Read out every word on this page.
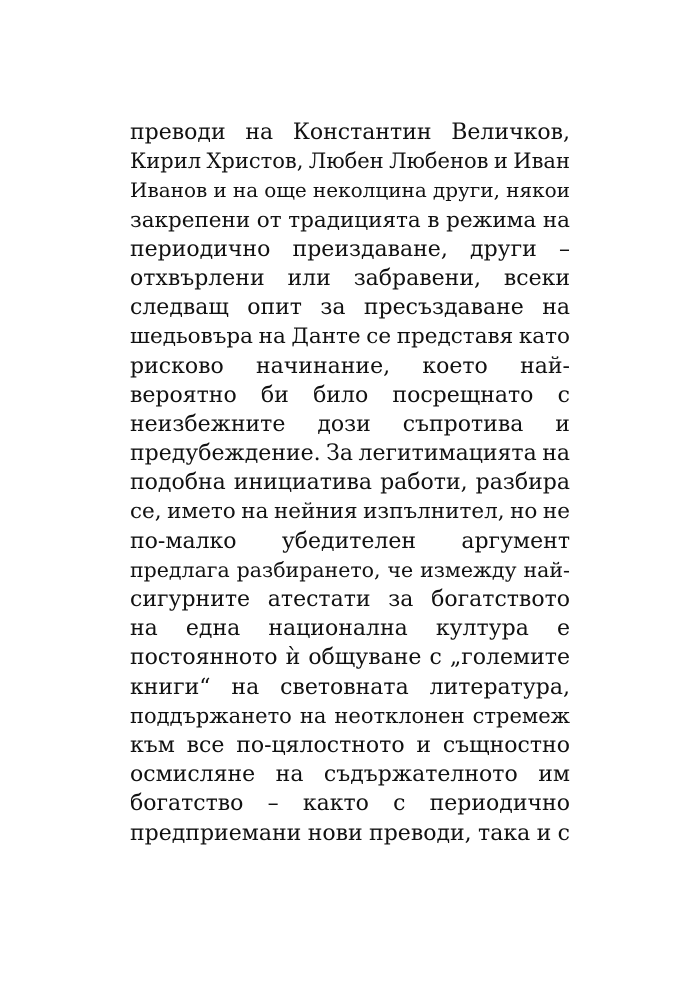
преводи на Константин Величков,
Кирил Христов, Любен Любенов и Иван
Иванов и на още неколцина други, някои
закрепени от традицията в режима на
периодично преиздаване, други –
отхвърлени или забравени, всеки
следващ опит за пресъздаване на
шедьовъра на Данте се представя като
рисково начинание, което най-
вероятно би било посрещнато с
неизбежните дози съпротива и
предубеждение. За легитимацията на
подобна инициатива работи, разбира
се, името на нейния изпълнител, но не
по-малко убедителен аргумент
предлага разбирането, че измежду най-
сигурните атестати за богатството
на една национална култура е
постоянното ѝ общуване с „големите
книги“ на световната литература,
поддържането на неотклонен стремеж
към все по-цялостното и същностно
осмисляне на съдържателното им
богатство – както с периодично
предприемани нови преводи, така и с
